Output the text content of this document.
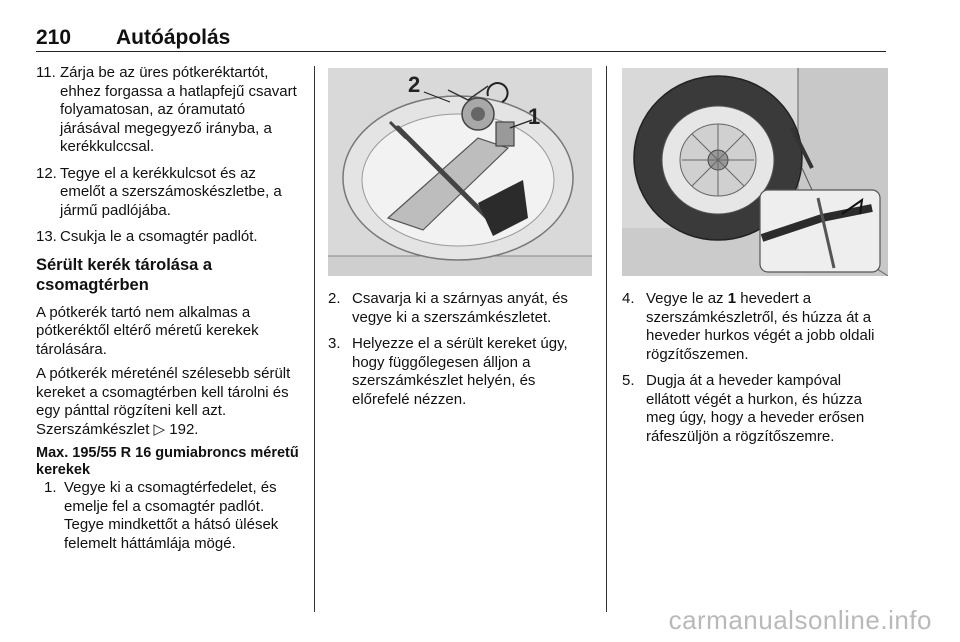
210 Autóápolás
11. Zárja be az üres pótkeréktartót, ehhez forgassa a hatlapfejű csavart folyamatosan, az óramutató járásával megegyező irányba, a kerékkulccsal.
12. Tegye el a kerékkulcsot és az emelőt a szerszámoskészletbe, a jármű padlójába.
13. Csukja le a csomagtér padlót.
Sérült kerék tárolása a csomagtérben
A pótkerék tartó nem alkalmas a pótkeréktől eltérő méretű kerekek tárolására.
A pótkerék méreténél szélesebb sérült kereket a csomagtérben kell tárolni és egy pánttal rögzíteni kell azt. Szerszámkészlet ▷ 192.
Max. 195/55 R 16 gumiabroncs méretű kerekek
1. Vegye ki a csomagtérfedelet, és emelje fel a csomagtér padlót. Tegye mindkettőt a hátsó ülések felemelt háttámlája mögé.
2
1
2. Csavarja ki a szárnyas anyát, és vegye ki a szerszámkészletet.
3. Helyezze el a sérült kereket úgy, hogy függőlegesen álljon a szerszámkészlet helyén, és előrefelé nézzen.
4. Vegye le az 1 hevedert a szerszámkészletről, és húzza át a heveder hurkos végét a jobb oldali rögzítőszemen.
5. Dugja át a heveder kampóval ellátott végét a hurkon, és húzza meg úgy, hogy a heveder erősen ráfeszüljön a rögzítőszemre.
carmanualsonline.info
